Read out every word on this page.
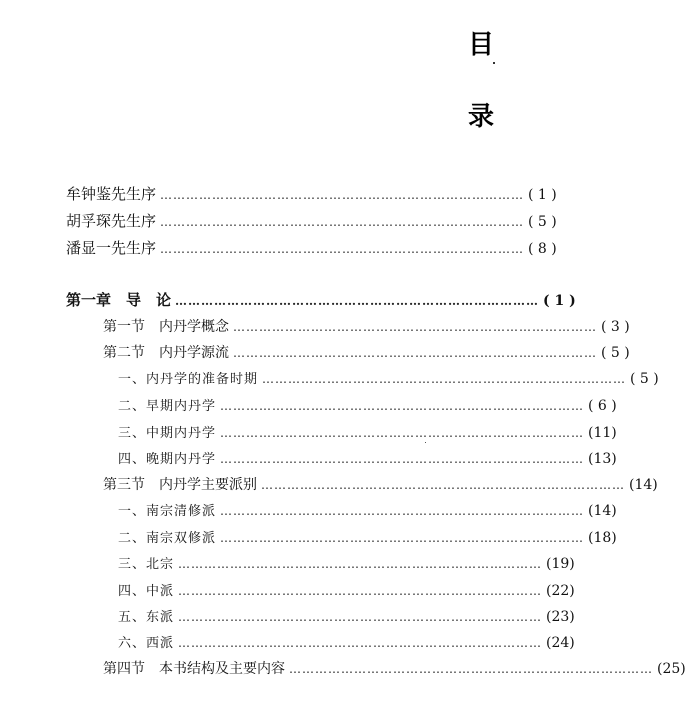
目
录
牟钟鉴先生序 ………………………………………………………………………… ( 1 )
胡孚琛先生序 ………………………………………………………………………… ( 5 )
潘显一先生序 ………………………………………………………………………… ( 8 )
第一章　导　论 ………………………………………………………………………… ( 1 )
第一节　内丹学概念 ………………………………………………………………………… ( 3 )
第二节　内丹学源流 ………………………………………………………………………… ( 5 )
一、内丹学的准备时期 ………………………………………………………………………… ( 5 )
二、早期内丹学 ………………………………………………………………………… ( 6 )
三、中期内丹学 ………………………………………………………………………… (11)
四、晚期内丹学 ………………………………………………………………………… (13)
第三节　内丹学主要派别 ………………………………………………………………………… (14)
一、南宗清修派 ………………………………………………………………………… (14)
二、南宗双修派 ………………………………………………………………………… (18)
三、北宗 ………………………………………………………………………… (19)
四、中派 ………………………………………………………………………… (22)
五、东派 ………………………………………………………………………… (23)
六、西派 ………………………………………………………………………… (24)
第四节　本书结构及主要内容 ………………………………………………………………………… (25)
